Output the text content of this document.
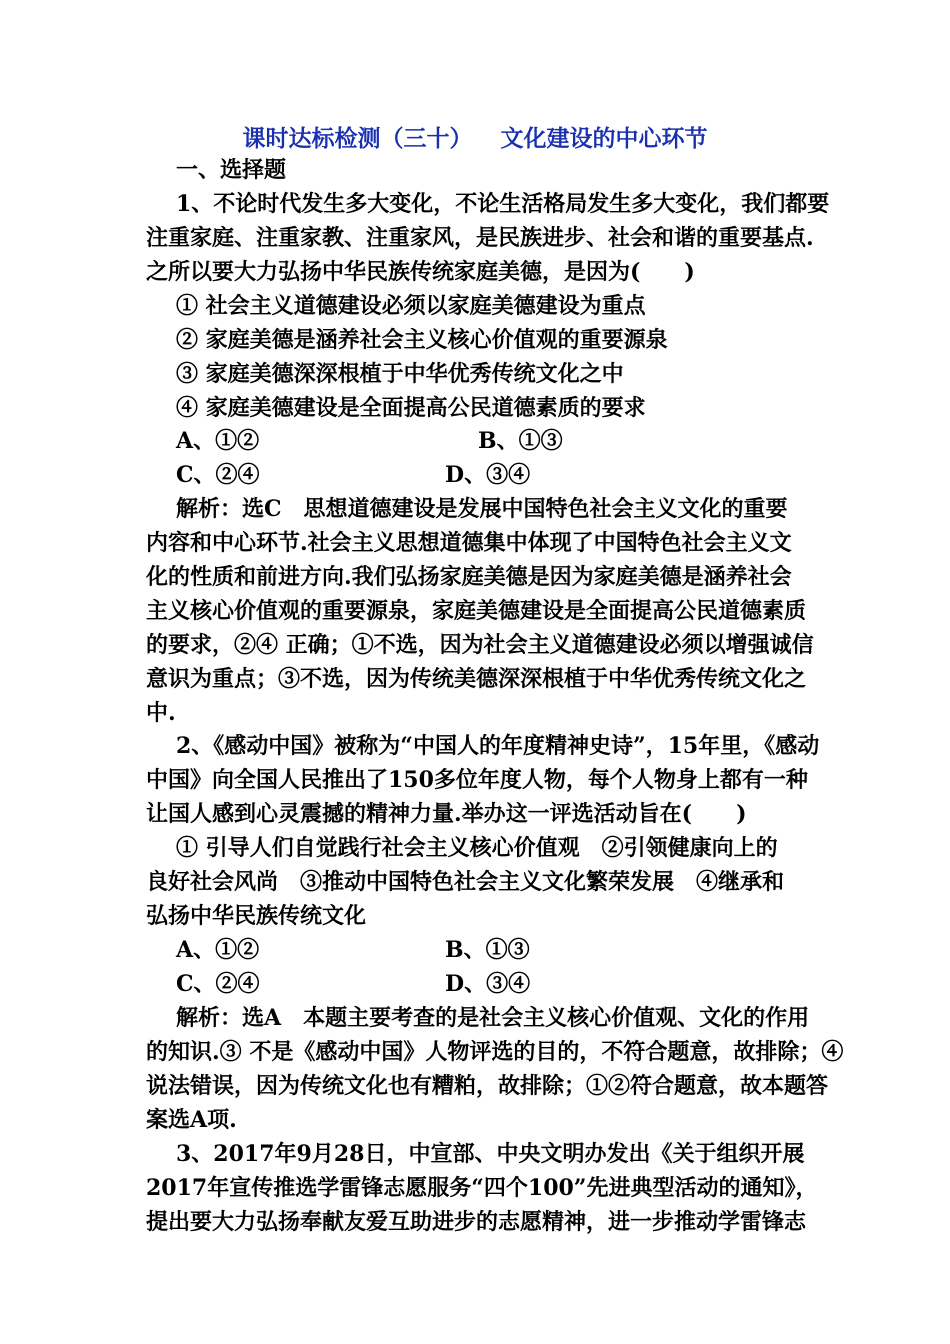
课时达标检测（三十） 文化建设的中心环节
一、选择题
1、不论时代发生多大变化，不论生活格局发生多大变化，我们都要
注重家庭、注重家教、注重家风，是民族进步、社会和谐的重要基点.
之所以要大力弘扬中华民族传统家庭美德，是因为(　　)
① 社会主义道德建设必须以家庭美德建设为重点
② 家庭美德是涵养社会主义核心价值观的重要源泉
③ 家庭美德深深根植于中华优秀传统文化之中
④ 家庭美德建设是全面提高公民道德素质的要求
A、①②	B、①③
C、②④	D、③④
解析：选C　思想道德建设是发展中国特色社会主义文化的重要
内容和中心环节.社会主义思想道德集中体现了中国特色社会主义文
化的性质和前进方向.我们弘扬家庭美德是因为家庭美德是涵养社会
主义核心价值观的重要源泉，家庭美德建设是全面提高公民道德素质
的要求，②④ 正确；①不选，因为社会主义道德建设必须以增强诚信
意识为重点；③不选，因为传统美德深深根植于中华优秀传统文化之
中.
2、《感动中国》被称为“中国人的年度精神史诗”，15年里，《感动
中国》向全国人民推出了150多位年度人物，每个人物身上都有一种
让国人感到心灵震撼的精神力量.举办这一评选活动旨在(　　)
① 引导人们自觉践行社会主义核心价值观　②引领健康向上的
良好社会风尚　③推动中国特色社会主义文化繁荣发展　④继承和
弘扬中华民族传统文化
A、①②	B、①③
C、②④	D、③④
解析：选A　本题主要考查的是社会主义核心价值观、文化的作用
的知识.③ 不是《感动中国》人物评选的目的，不符合题意，故排除；④
说法错误，因为传统文化也有糟粕，故排除；①②符合题意，故本题答
案选A项.
3、2017年9月28日，中宣部、中央文明办发出《关于组织开展
2017年宣传推选学雷锋志愿服务“四个100”先进典型活动的通知》，
提出要大力弘扬奉献友爱互助进步的志愿精神，进一步推动学雷锋志
